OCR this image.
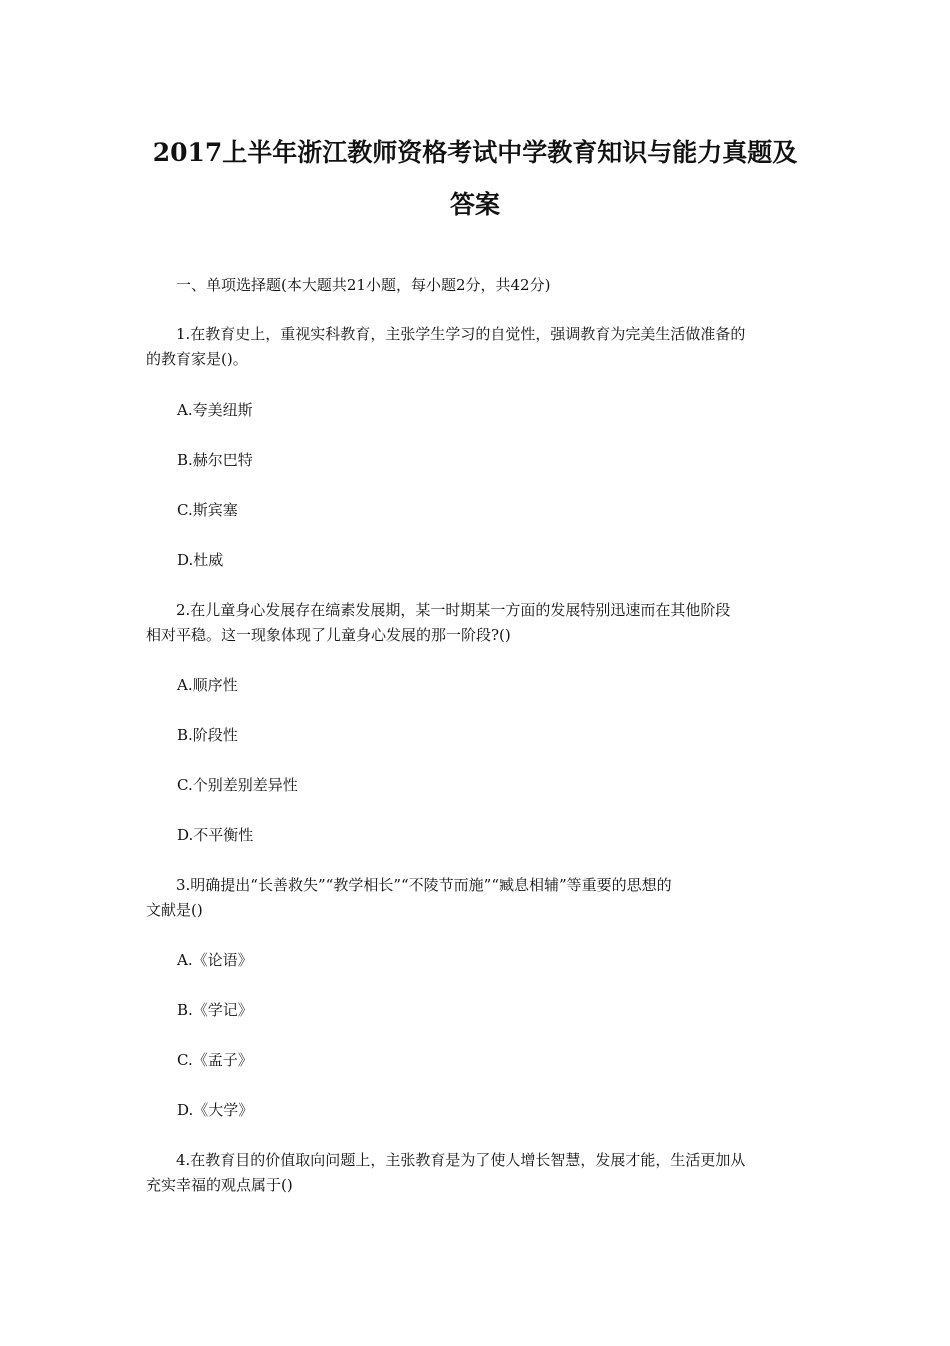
2017上半年浙江教师资格考试中学教育知识与能力真题及
答案
一、单项选择题(本大题共21小题，每小题2分，共42分)
1.在教育史上，重视实科教育，主张学生学习的自觉性，强调教育为完美生活做准备的
的教育家是()。
A.夸美纽斯
B.赫尔巴特
C.斯宾塞
D.杜威
2.在儿童身心发展存在缟素发展期，某一时期某一方面的发展特别迅速而在其他阶段
相对平稳。这一现象体现了儿童身心发展的那一阶段?()
A.顺序性
B.阶段性
C.个别差别差异性
D.不平衡性
3.明确提出“长善救失”“教学相长”“不陵节而施”“臧息相辅”等重要的思想的
文献是()
A.《论语》
B.《学记》
C.《孟子》
D.《大学》
4.在教育目的价值取向问题上，主张教育是为了使人增长智慧，发展才能，生活更加从
充实幸福的观点属于()
